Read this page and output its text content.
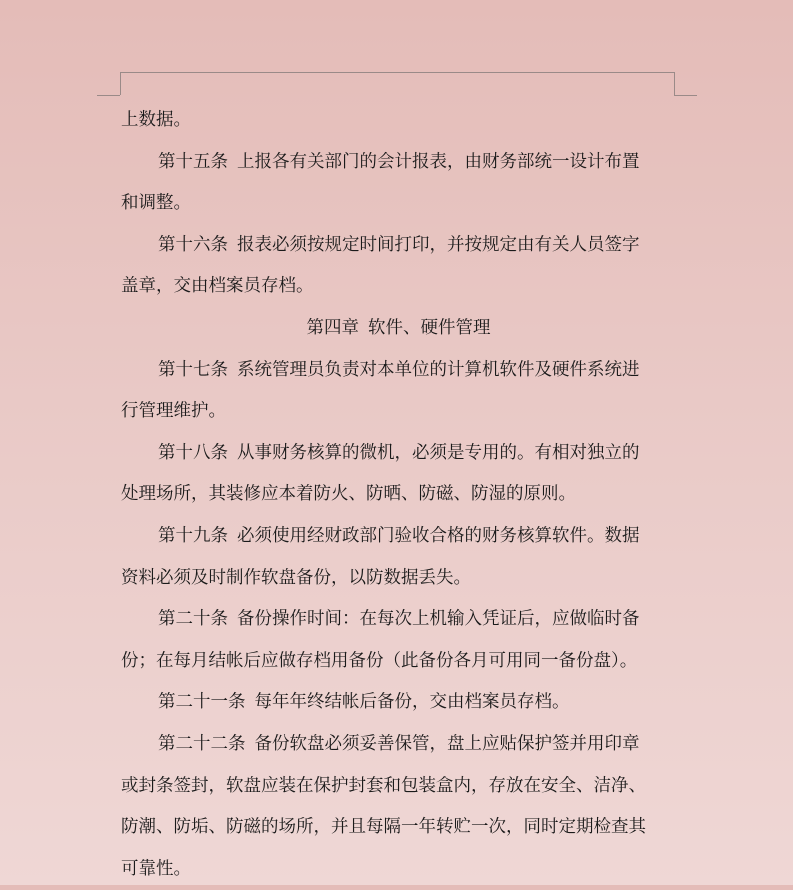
上数据。
第十五条 上报各有关部门的会计报表，由财务部统一设计布置
和调整。
第十六条 报表必须按规定时间打印，并按规定由有关人员签字
盖章，交由档案员存档。
第四章 软件、硬件管理
第十七条 系统管理员负责对本单位的计算机软件及硬件系统进
行管理维护。
第十八条 从事财务核算的微机，必须是专用的。有相对独立的
处理场所，其装修应本着防火、防晒、防磁、防湿的原则。
第十九条 必须使用经财政部门验收合格的财务核算软件。数据
资料必须及时制作软盘备份，以防数据丢失。
第二十条 备份操作时间：在每次上机输入凭证后，应做临时备
份；在每月结帐后应做存档用备份（此备份各月可用同一备份盘）。
第二十一条 每年年终结帐后备份，交由档案员存档。
第二十二条 备份软盘必须妥善保管，盘上应贴保护签并用印章
或封条签封，软盘应装在保护封套和包装盒内，存放在安全、洁净、
防潮、防垢、防磁的场所，并且每隔一年转贮一次，同时定期检查其
可靠性。
